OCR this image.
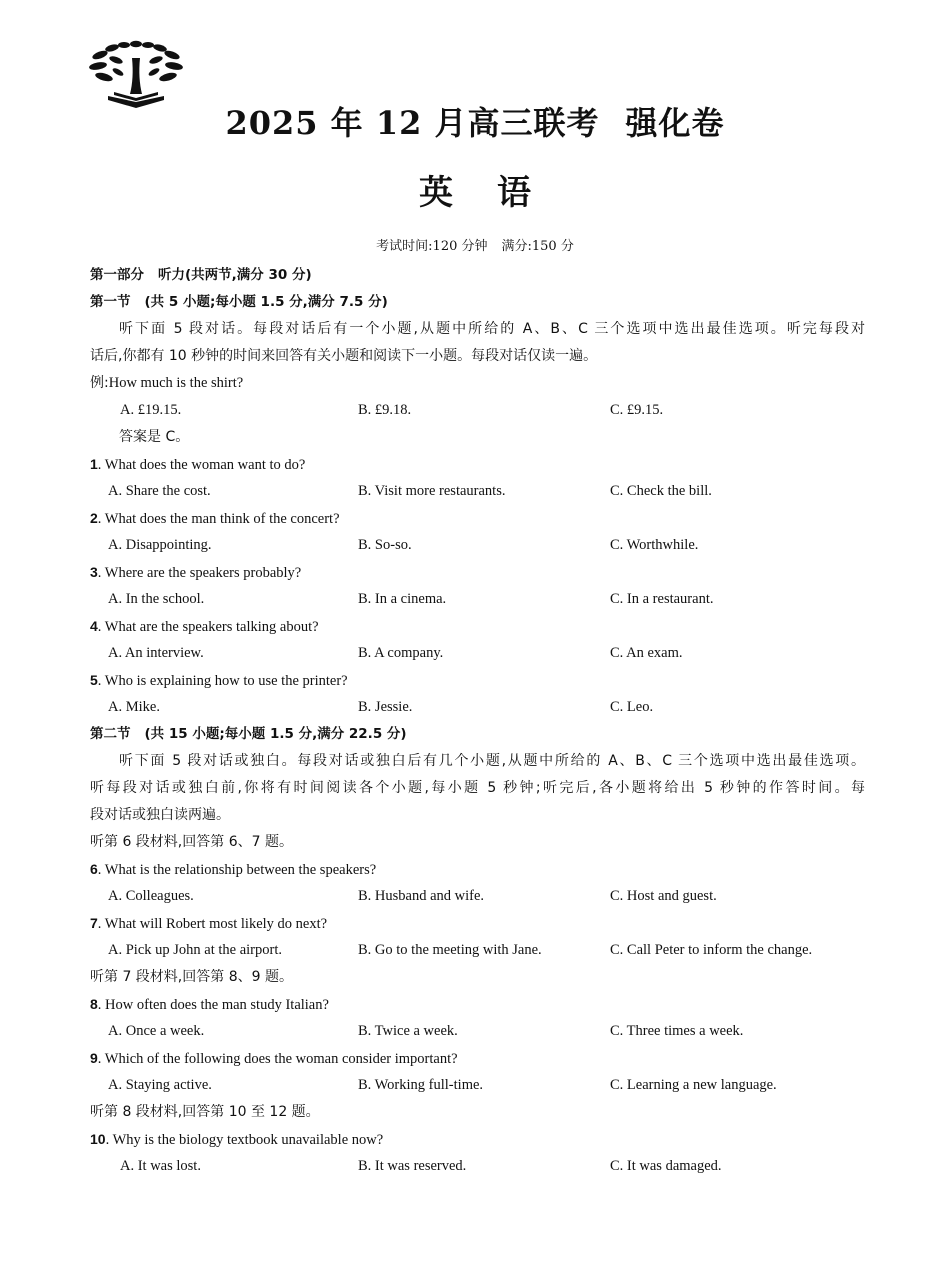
2025 年 12 月高三联考 强化卷
英语
考试时间:120 分钟 满分:150 分
第一部分 听力(共两节,满分 30 分)
第一节 (共 5 小题;每小题 1.5 分,满分 7.5 分)
听下面 5 段对话。每段对话后有一个小题,从题中所给的 A、B、C 三个选项中选出最佳选项。听完每段对
话后,你都有 10 秒钟的时间来回答有关小题和阅读下一小题。每段对话仅读一遍。
例:How much is the shirt?
A. £19.15.	B. £9.18.	C. £9.15.
答案是 C。
1. What does the woman want to do?
A. Share the cost.	B. Visit more restaurants.	C. Check the bill.
2. What does the man think of the concert?
A. Disappointing.	B. So-so.	C. Worthwhile.
3. Where are the speakers probably?
A. In the school.	B. In a cinema.	C. In a restaurant.
4. What are the speakers talking about?
A. An interview.	B. A company.	C. An exam.
5. Who is explaining how to use the printer?
A. Mike.	B. Jessie.	C. Leo.
第二节 (共 15 小题;每小题 1.5 分,满分 22.5 分)
听下面 5 段对话或独白。每段对话或独白后有几个小题,从题中所给的 A、B、C 三个选项中选出最佳选项。
听每段对话或独白前,你将有时间阅读各个小题,每小题 5 秒钟;听完后,各小题将给出 5 秒钟的作答时间。每
段对话或独白读两遍。
听第 6 段材料,回答第 6、7 题。
6. What is the relationship between the speakers?
A. Colleagues.	B. Husband and wife.	C. Host and guest.
7. What will Robert most likely do next?
A. Pick up John at the airport.	B. Go to the meeting with Jane.	C. Call Peter to inform the change.
听第 7 段材料,回答第 8、9 题。
8. How often does the man study Italian?
A. Once a week.	B. Twice a week.	C. Three times a week.
9. Which of the following does the woman consider important?
A. Staying active.	B. Working full-time.	C. Learning a new language.
听第 8 段材料,回答第 10 至 12 题。
10. Why is the biology textbook unavailable now?
A. It was lost.	B. It was reserved.	C. It was damaged.
